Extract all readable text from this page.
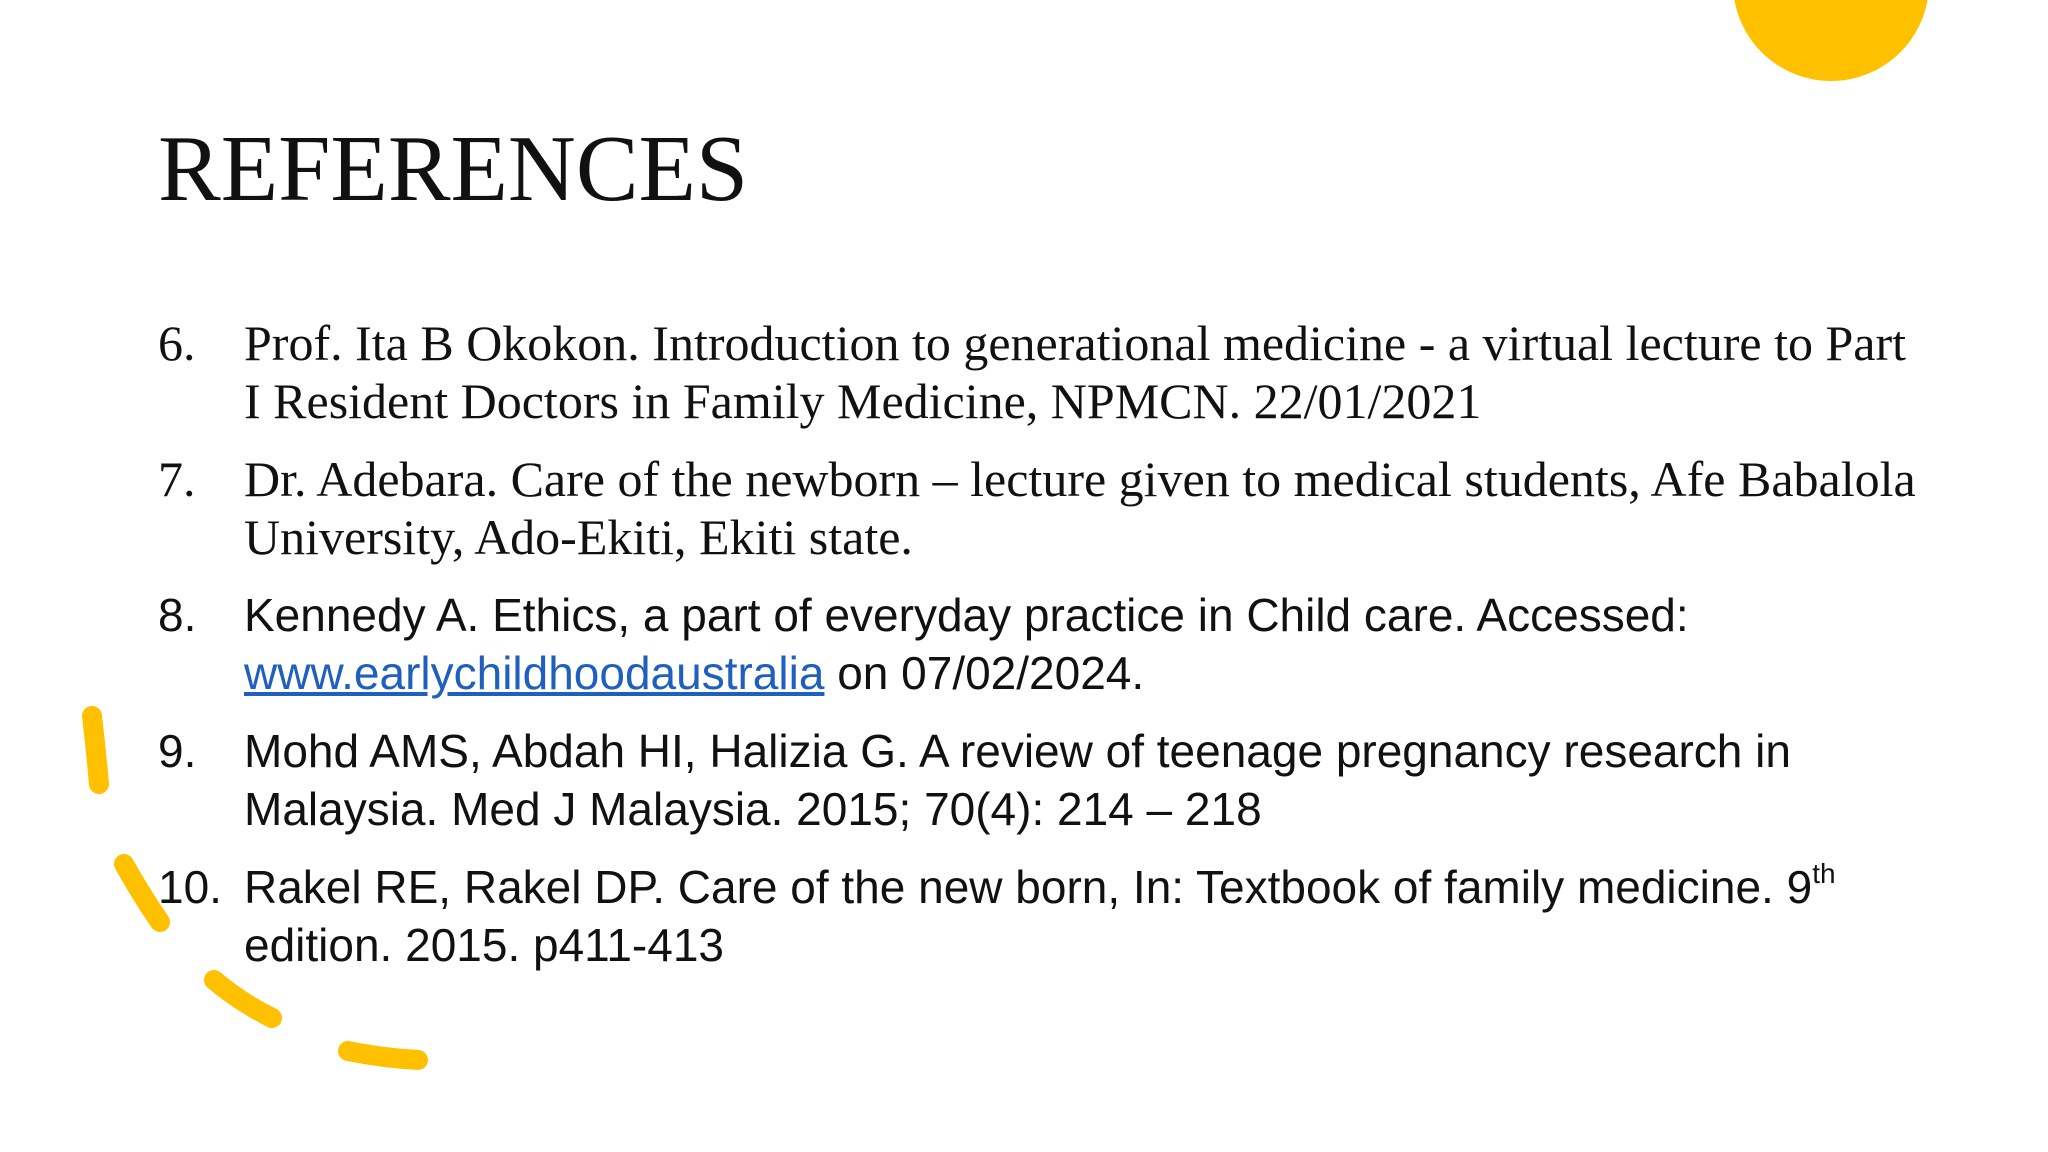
REFERENCES
6. Prof. Ita B Okokon. Introduction to generational medicine - a virtual lecture to Part I Resident Doctors in Family Medicine, NPMCN. 22/01/2021
7. Dr. Adebara. Care of the newborn – lecture given to medical students, Afe Babalola University, Ado-Ekiti, Ekiti state.
8. Kennedy A. Ethics, a part of everyday practice in Child care. Accessed: www.earlychildhoodaustralia on 07/02/2024.
9. Mohd AMS, Abdah HI, Halizia G. A review of teenage pregnancy research in Malaysia. Med J Malaysia. 2015; 70(4): 214 – 218
10. Rakel RE, Rakel DP. Care of the new born, In: Textbook of family medicine. 9th edition. 2015. p411-413
